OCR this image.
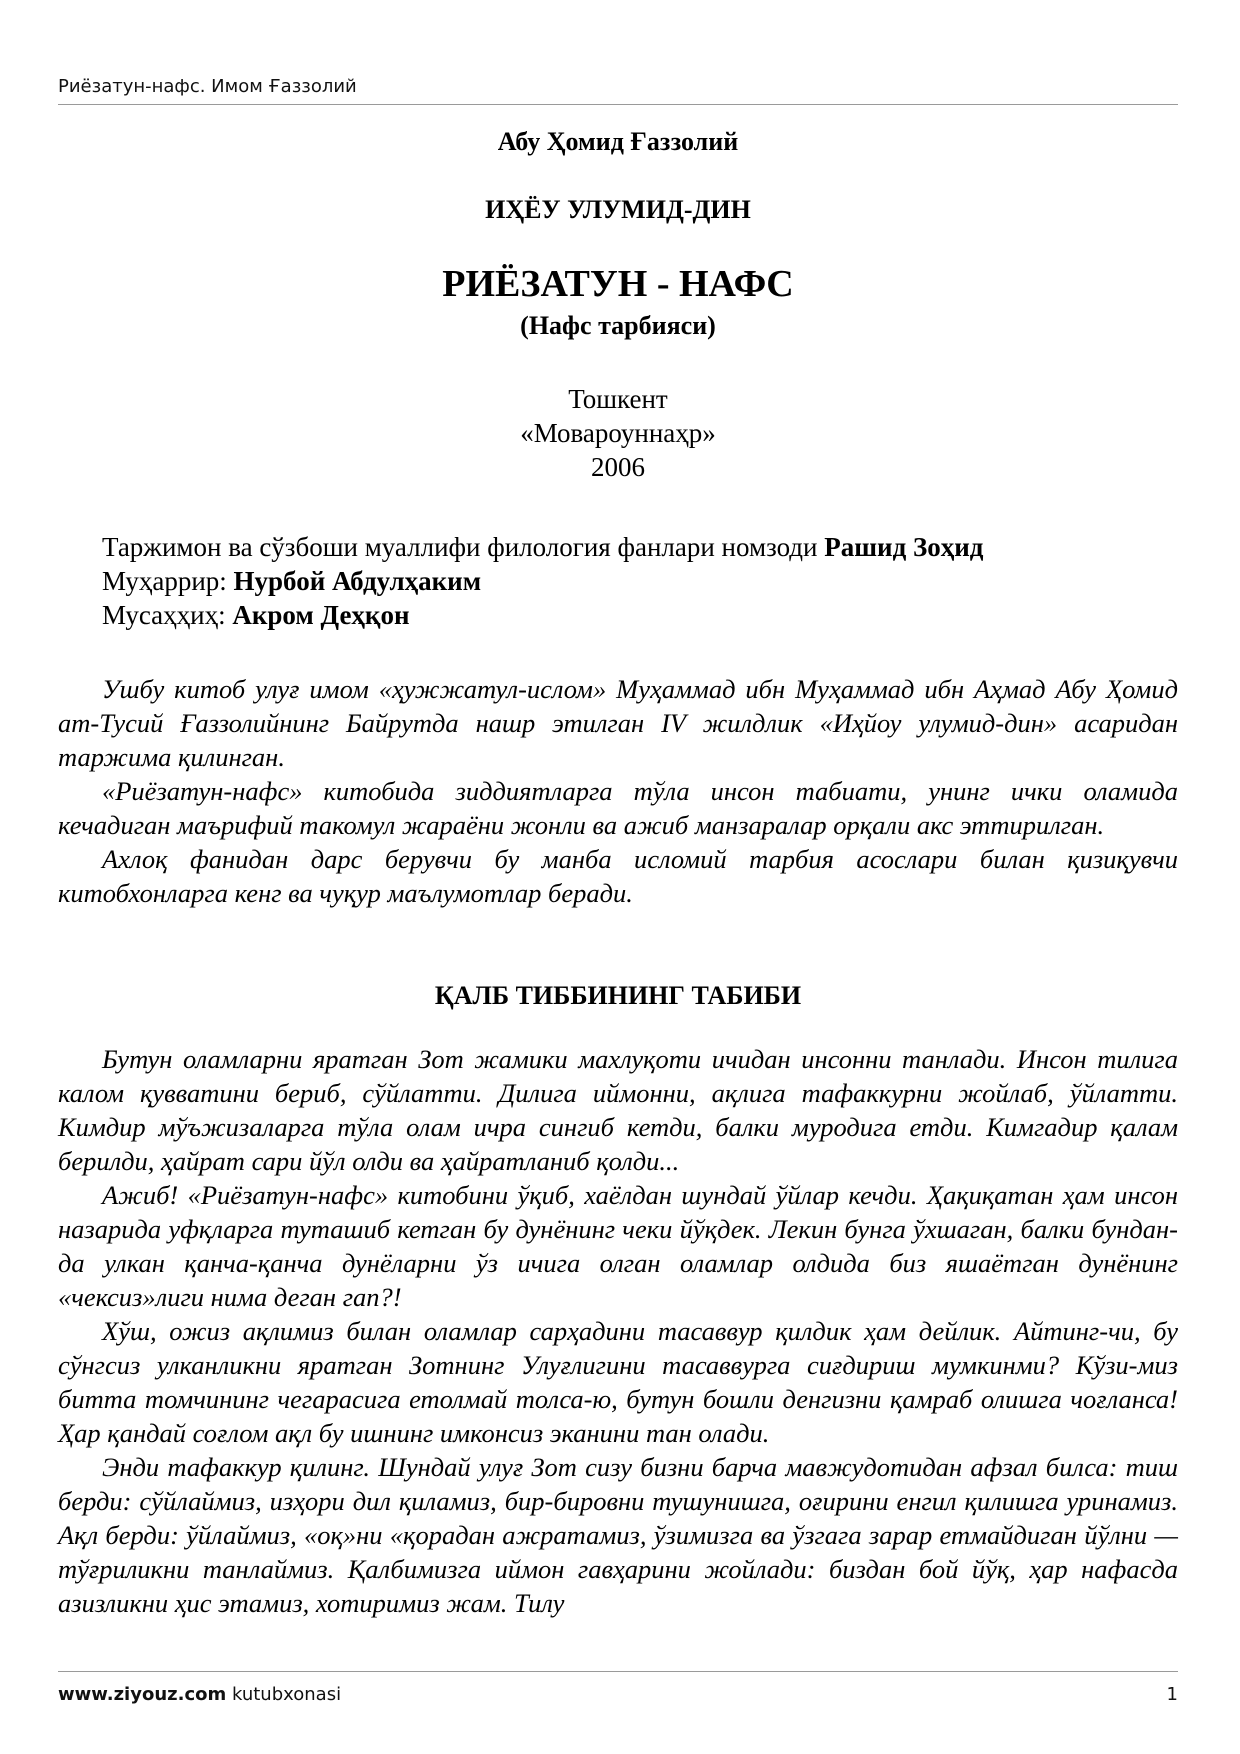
Риёзатун-нафс. Имом Ғаззолий
Абу Ҳомид Ғаззолий
ИҲЁУ УЛУМИД-ДИН
РИЁЗАТУН - НАФС
(Нафс тарбияси)
Тошкент
«Мовароуннаҳр»
2006
Таржимон ва сўзбоши муаллифи филология фанлари номзоди Рашид Зоҳид
Муҳаррир: Нурбой Абдулҳаким
Мусаҳҳиҳ: Акром Деҳқон

Ушбу китоб улуғ имом «ҳужжатул-ислом» Муҳаммад ибн Муҳаммад ибн Аҳмад Абу Ҳомид ат-Тусий Ғаззолийнинг Байрутда нашр этилган IV жилдлик «Иҳйоу улумид-дин» асаридан таржима қилинган.

«Риёзатун-нафс» китобида зиддиятларга тўла инсон табиати, унинг ички оламида кечадиган маърифий такомул жараёни жонли ва ажиб манзаралар орқали акс эттирилган.

Ахлоқ фанидан дарс берувчи бу манба исломий тарбия асослари билан қизиқувчи китобхонларга кенг ва чуқур маълумотлар беради.

ҚАЛБ ТИББИНИНГ ТАБИБИ

Бутун оламларни яратган Зот жамики махлуқоти ичидан инсонни танлади. Инсон тилига калом қувватини бериб, сўйлатти. Дилига иймонни, ақлига тафаккурни жойлаб, ўйлатти. Кимдир мўъжизаларга тўла олам ичра сингиб кетди, балки муродига етди. Кимгадир қалам берилди, ҳайрат сари йўл олди ва ҳайратланиб қолди...

Ажиб! «Риёзатун-нафс» китобини ўқиб, хаёлдан шундай ўйлар кечди. Ҳақиқатан ҳам инсон назарида уфқларга туташиб кетган бу дунёнинг чеки йўқдек. Лекин бунга ўхшаган, балки бундан-да улкан қанча-қанча дунёларни ўз ичига олган оламлар олдида биз яшаётган дунёнинг «чексиз»лиги нима деган гап?!

Хўш, ожиз ақлимиз билан оламлар сарҳадини тасаввур қилдик ҳам дейлик. Айтинг-чи, бу сўнгсиз улканликни яратган Зотнинг Улуғлигини тасаввурга сиғдириш мумкинми? Кўзи-миз битта томчининг чегарасига етолмай толса-ю, бутун бошли денгизни қамраб олишга чоғланса! Ҳар қандай соғлом ақл бу ишнинг имконсиз эканини тан олади.

Энди тафаккур қилинг. Шундай улуғ Зот сизу бизни барча мавжудотидан афзал билса: тиш берди: сўйлаймиз, изҳори дил қиламиз, бир-бировни тушунишга, оғирини енгил қилишга уринамиз. Ақл берди: ўйлаймиз, «оқ»ни «қорадан ажратамиз, ўзимизга ва ўзгага зарар етмайдиган йўлни — тўғриликни танлаймиз. Қалбимизга иймон гавҳарини жойлади: биздан бой йўқ, ҳар нафасда азизликни ҳис этамиз, хотиримиз жам. Тилу

www.ziyouz.com kutubxonasi	1
